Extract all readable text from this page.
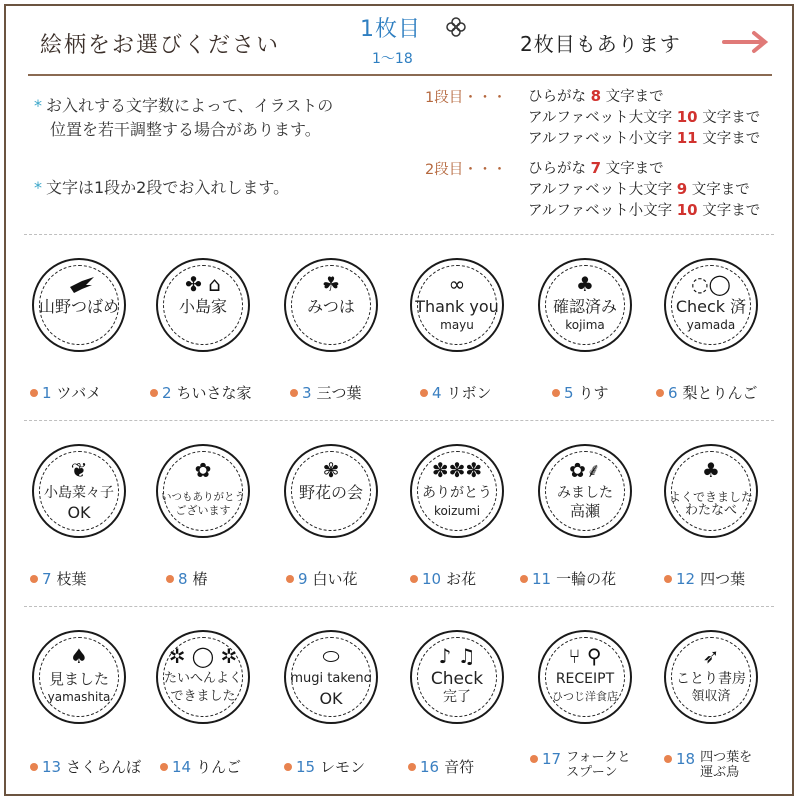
絵柄をお選びください
1枚目
1〜18
2枚目もあります
* お入れする文字数によって、イラストの
位置を若干調整する場合があります。
* 文字は1段か2段でお入れします。
1段目・・・ ひらがな 8 文字まで
アルファベット大文字 10 文字まで
アルファベット小文字 11 文字まで
2段目・・・ ひらがな 7 文字まで
アルファベット大文字 9 文字まで
アルファベット小文字 10 文字まで
山野つばめ
✤ ⌂
小島家
☘
みつは
∞
Thank you
mayu
♣
確認済み
kojima
◌◯
Check 済
yamada
1 ツバメ	2 ちいさな家	3 三つ葉	4 リボン	5 りす	6 梨とりんご
❦
小島菜々子
OK
✿
いつもありがとう
ございます
✾
野花の会
✽✽✽
ありがとう
koizumi
✿⸙
みました
高瀬
♣
よくできました
わたなべ
7 枝葉	8 椿	9 白い花	10 お花	11 一輪の花	12 四つ葉
♠
見ました
yamashita
✲ ◯ ✲
たいへんよく
できました
⬭
mugi takeno
OK
♪ ♫
Check
完了
⑂ ⚲
RECEIPT
ひつじ洋食店
➶
ことり書房
領収済
13 さくらんぼ	14 りんご	15 レモン	16 音符	17 フォークと
スプーン
18 四つ葉を
運ぶ鳥
